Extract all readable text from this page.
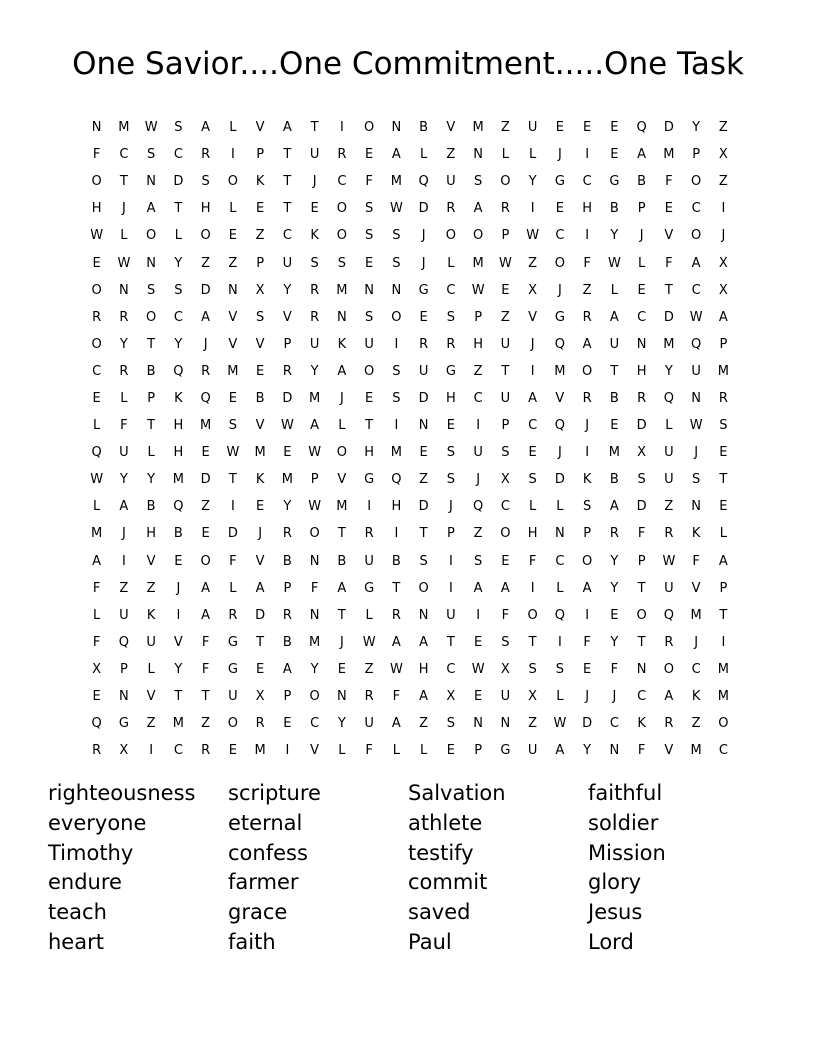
One Savior....One Commitment.....One Task
N	M	W	S	A	L	V	A	T	I	O	N	B	V	M	Z	U	E	E	E	Q	D	Y	Z
F	C	S	C	R	I	P	T	U	R	E	A	L	Z	N	L	L	J	I	E	A	M	P	X
O	T	N	D	S	O	K	T	J	C	F	M	Q	U	S	O	Y	G	C	G	B	F	O	Z
H	J	A	T	H	L	E	T	E	O	S	W	D	R	A	R	I	E	H	B	P	E	C	I
W	L	O	L	O	E	Z	C	K	O	S	S	J	O	O	P	W	C	I	Y	J	V	O	J
E	W	N	Y	Z	Z	P	U	S	S	E	S	J	L	M	W	Z	O	F	W	L	F	A	X
O	N	S	S	D	N	X	Y	R	M	N	N	G	C	W	E	X	J	Z	L	E	T	C	X
R	R	O	C	A	V	S	V	R	N	S	O	E	S	P	Z	V	G	R	A	C	D	W	A
O	Y	T	Y	J	V	V	P	U	K	U	I	R	R	H	U	J	Q	A	U	N	M	Q	P
C	R	B	Q	R	M	E	R	Y	A	O	S	U	G	Z	T	I	M	O	T	H	Y	U	M
E	L	P	K	Q	E	B	D	M	J	E	S	D	H	C	U	A	V	R	B	R	Q	N	R
L	F	T	H	M	S	V	W	A	L	T	I	N	E	I	P	C	Q	J	E	D	L	W	S
Q	U	L	H	E	W	M	E	W	O	H	M	E	S	U	S	E	J	I	M	X	U	J	E
W	Y	Y	M	D	T	K	M	P	V	G	Q	Z	S	J	X	S	D	K	B	S	U	S	T
L	A	B	Q	Z	I	E	Y	W	M	I	H	D	J	Q	C	L	L	S	A	D	Z	N	E
M	J	H	B	E	D	J	R	O	T	R	I	T	P	Z	O	H	N	P	R	F	R	K	L
A	I	V	E	O	F	V	B	N	B	U	B	S	I	S	E	F	C	O	Y	P	W	F	A
F	Z	Z	J	A	L	A	P	F	A	G	T	O	I	A	A	I	L	A	Y	T	U	V	P
L	U	K	I	A	R	D	R	N	T	L	R	N	U	I	F	O	Q	I	E	O	Q	M	T
F	Q	U	V	F	G	T	B	M	J	W	A	A	T	E	S	T	I	F	Y	T	R	J	I
X	P	L	Y	F	G	E	A	Y	E	Z	W	H	C	W	X	S	S	E	F	N	O	C	M
E	N	V	T	T	U	X	P	O	N	R	F	A	X	E	U	X	L	J	J	C	A	K	M
Q	G	Z	M	Z	O	R	E	C	Y	U	A	Z	S	N	N	Z	W	D	C	K	R	Z	O
R	X	I	C	R	E	M	I	V	L	F	L	L	E	P	G	U	A	Y	N	F	V	M	C
righteousness	scripture	Salvation	faithful
everyone	eternal	athlete	soldier
Timothy	confess	testify	Mission
endure	farmer	commit	glory
teach	grace	saved	Jesus
heart	faith	Paul	Lord
